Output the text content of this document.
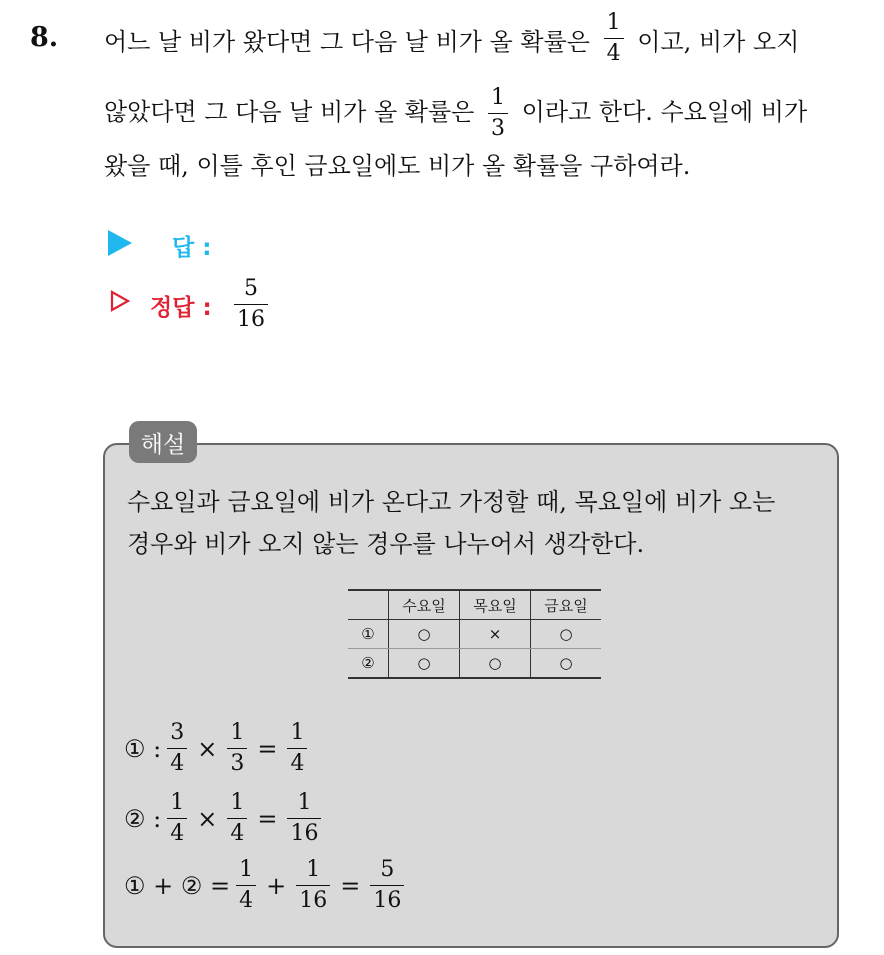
8. 어느 날 비가 왔다면 그 다음 날 비가 올 확률은 $\frac{1}{4}$ 이고, 비가 오지
않았다면 그 다음 날 비가 올 확률은 $\frac{1}{3}$ 이라고 한다. 수요일에 비가
왔을 때, 이틀 후인 금요일에도 비가 올 확률을 구하여라.
답 :
정답 : $\frac{5}{16}$
해설
수요일과 금요일에 비가 온다고 가정할 때, 목요일에 비가 오는
경우와 비가 오지 않는 경우를 나누어서 생각한다.
	수요일	목요일	금요일
①	○	×	○
②	○	○	○
① : $\frac{3}{4} \times \frac{1}{3} = \frac{1}{4}$
② : $\frac{1}{4} \times \frac{1}{4} = \frac{1}{16}$
① + ② = $\frac{1}{4} + \frac{1}{16} = \frac{5}{16}$
